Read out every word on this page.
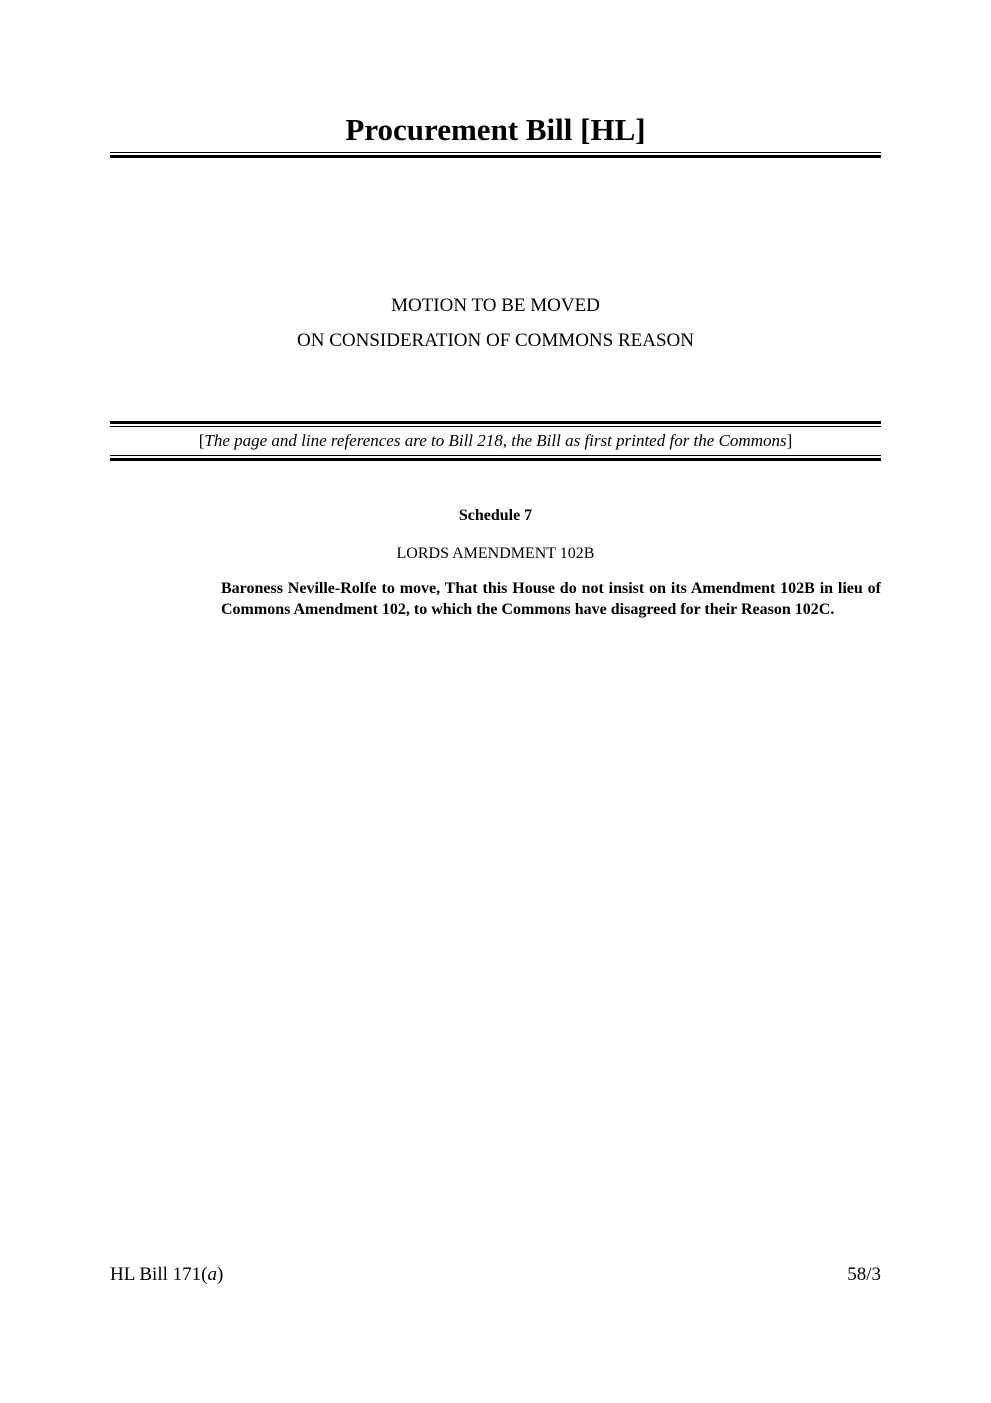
Procurement Bill [HL]
MOTION TO BE MOVED
ON CONSIDERATION OF COMMONS REASON
[The page and line references are to Bill 218, the Bill as first printed for the Commons]
Schedule 7
LORDS AMENDMENT 102B
Baroness Neville-Rolfe to move, That this House do not insist on its Amendment 102B in lieu of Commons Amendment 102, to which the Commons have disagreed for their Reason 102C.
HL Bill 171(a)	58/3
